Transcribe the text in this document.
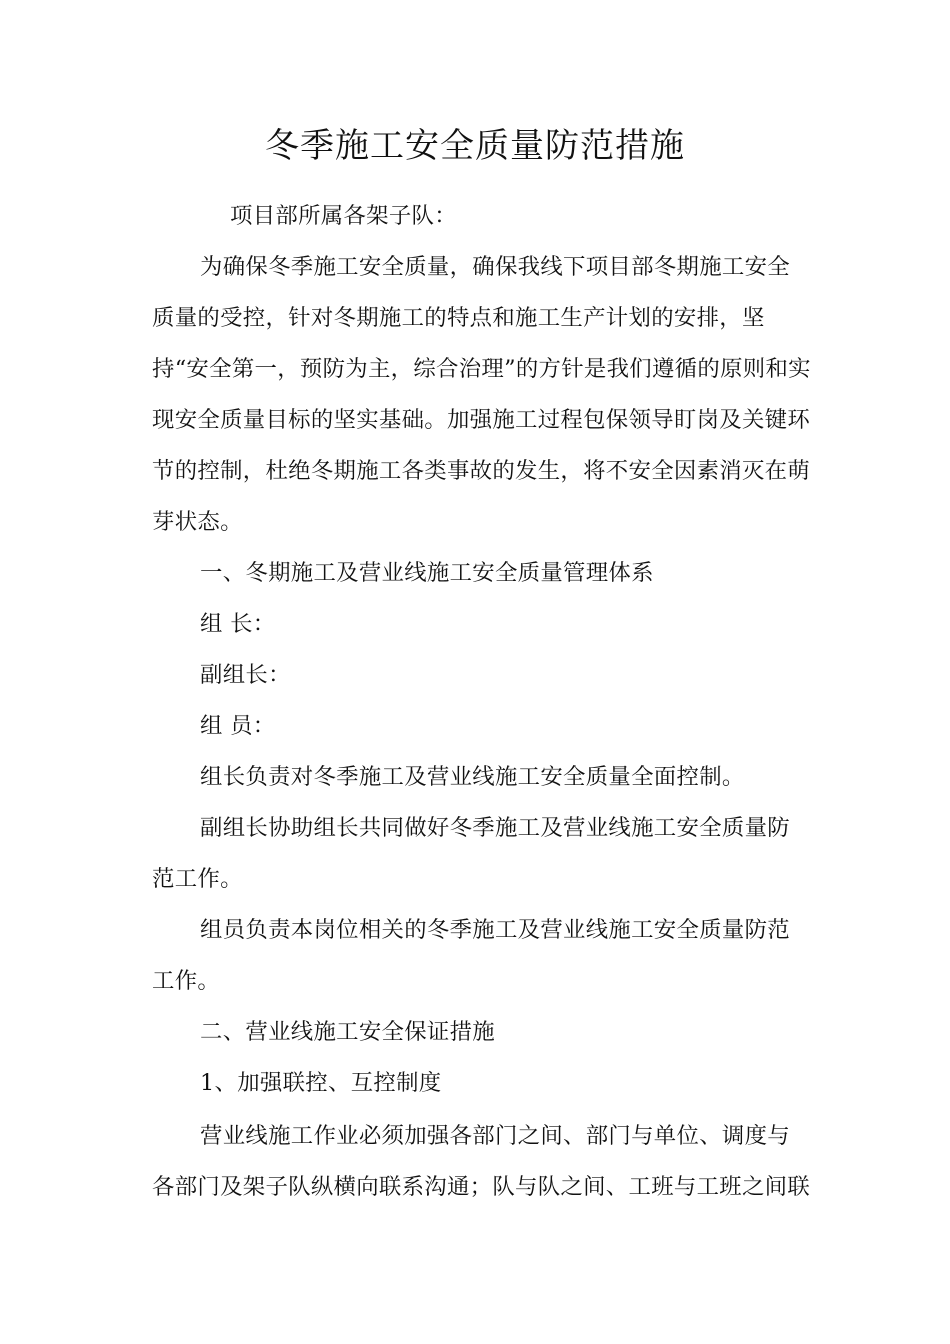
冬季施工安全质量防范措施
项目部所属各架子队：
为确保冬季施工安全质量，确保我线下项目部冬期施工安全
质量的受控，针对冬期施工的特点和施工生产计划的安排，坚
持“安全第一，预防为主，综合治理”的方针是我们遵循的原则和实
现安全质量目标的坚实基础。加强施工过程包保领导盯岗及关键环
节的控制，杜绝冬期施工各类事故的发生，将不安全因素消灭在萌
芽状态。
一、冬期施工及营业线施工安全质量管理体系
组 长：
副组长：
组 员：
组长负责对冬季施工及营业线施工安全质量全面控制。
副组长协助组长共同做好冬季施工及营业线施工安全质量防
范工作。
组员负责本岗位相关的冬季施工及营业线施工安全质量防范
工作。
二、营业线施工安全保证措施
1、加强联控、互控制度
营业线施工作业必须加强各部门之间、部门与单位、调度与
各部门及架子队纵横向联系沟通；队与队之间、工班与工班之间联
